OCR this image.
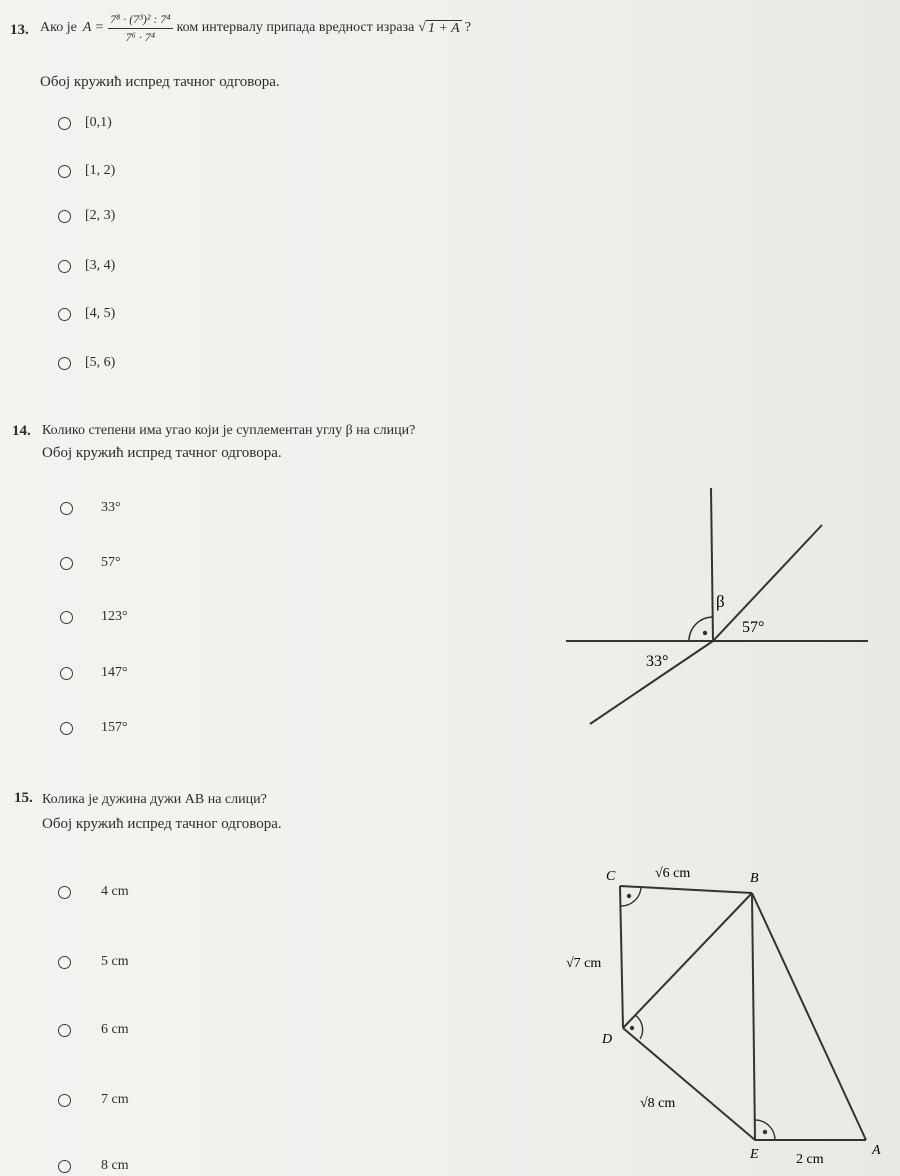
13. Ако је $A = \frac{\text{7⁸ · (7³)² : 7⁴}}{\text{7⁶ · 7⁴}}$ ком интервалу припада вредност израза √ 1 + A ?
Обој кружић испред тачног одговора.
[0,1)
[1, 2)
[2, 3)
[3, 4)
[4, 5)
[5, 6)
14. Колико степени има угао који је суплементан углу β на слици?
Обој кружић испред тачног одговора.
33°
57°
123°
147°
157°
β
57°
33°
15. Колика је дужина дужи AB на слици?
Обој кружић испред тачног одговора.
4 cm
5 cm
6 cm
7 cm
8 cm
C	B
D
E	A
√6 cm
√7 cm
√8 cm
2 cm
